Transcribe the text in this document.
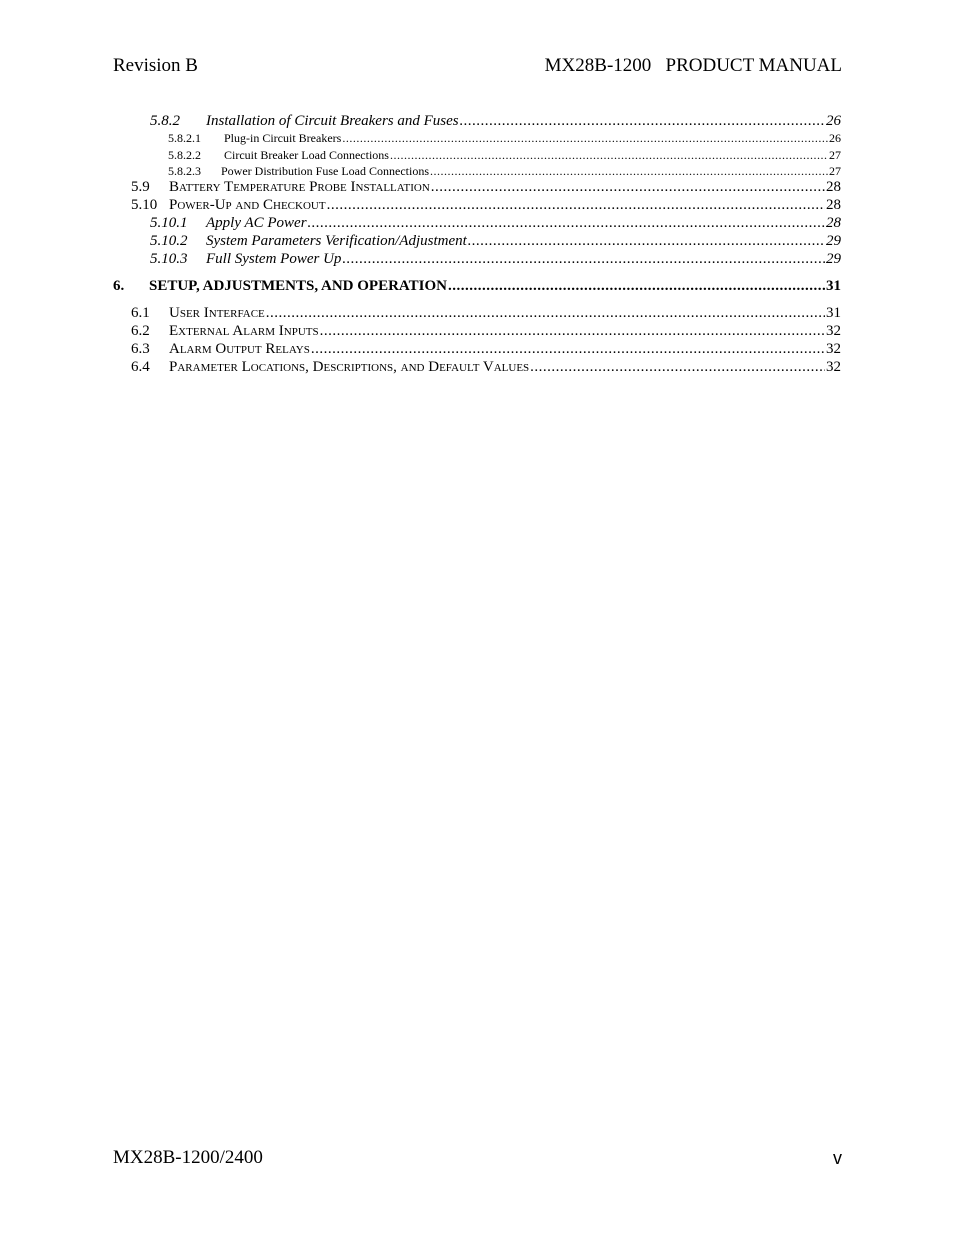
Revision B	MX28B-1200   PRODUCT MANUAL
5.8.2	Installation of Circuit Breakers and Fuses .....	26
5.8.2.1	Plug-in Circuit Breakers .....	26
5.8.2.2	Circuit Breaker Load Connections .....	27
5.8.2.3	Power Distribution Fuse Load Connections .....	27
5.9	Battery Temperature Probe Installation .....	28
5.10 Power-Up and Checkout .....	28
5.10.1	Apply AC Power .....	28
5.10.2	System Parameters Verification/Adjustment .....	29
5.10.3	Full System Power Up .....	29
6.	SETUP, ADJUSTMENTS, AND OPERATION .....	31
6.1	User Interface .....	31
6.2	External Alarm Inputs .....	32
6.3	Alarm Output Relays .....	32
6.4	Parameter Locations, Descriptions, and Default Values .....	32
MX28B-1200/2400	v
